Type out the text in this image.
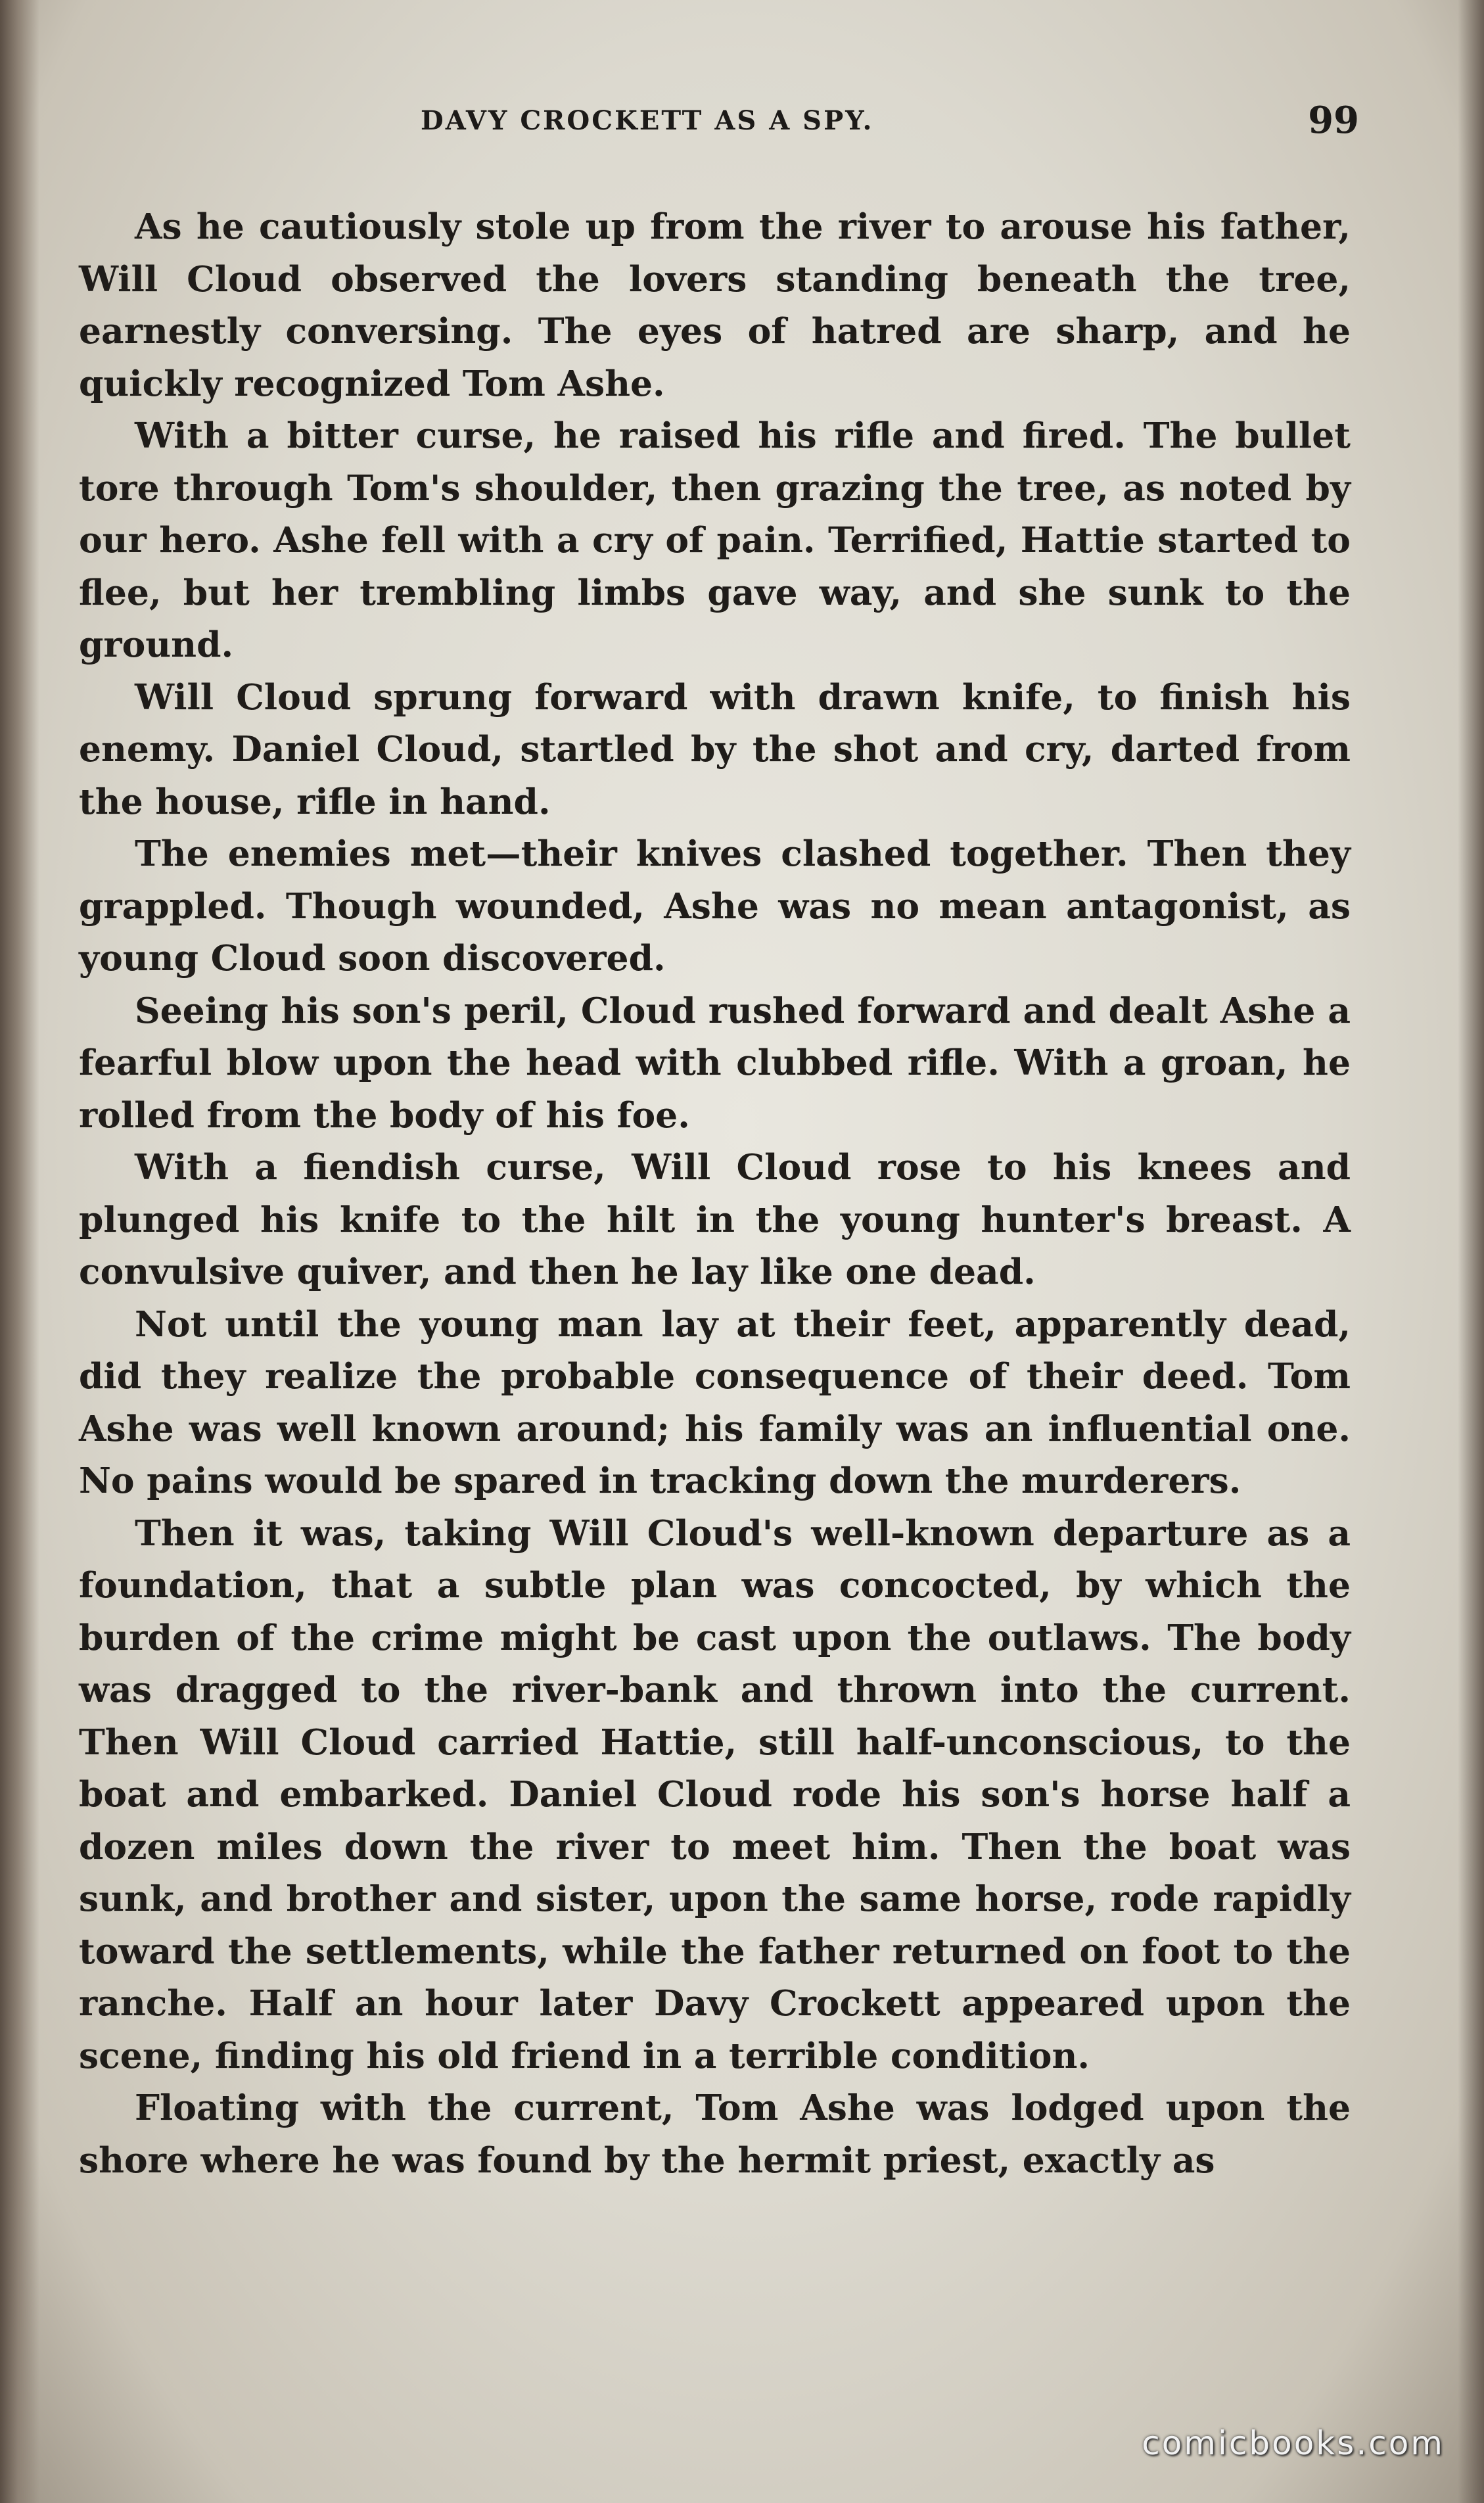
DAVY CROCKETT AS A SPY.	99

As he cautiously stole up from the river to arouse his father, Will Cloud observed the lovers standing beneath the tree, earnestly conversing. The eyes of hatred are sharp, and he quickly recognized Tom Ashe.

With a bitter curse, he raised his rifle and fired. The bullet tore through Tom's shoulder, then grazing the tree, as noted by our hero. Ashe fell with a cry of pain. Terrified, Hattie started to flee, but her trembling limbs gave way, and she sunk to the ground.

Will Cloud sprung forward with drawn knife, to finish his enemy. Daniel Cloud, startled by the shot and cry, darted from the house, rifle in hand.

The enemies met—their knives clashed together. Then they grappled. Though wounded, Ashe was no mean antagonist, as young Cloud soon discovered.

Seeing his son's peril, Cloud rushed forward and dealt Ashe a fearful blow upon the head with clubbed rifle. With a groan, he rolled from the body of his foe.

With a fiendish curse, Will Cloud rose to his knees and plunged his knife to the hilt in the young hunter's breast. A convulsive quiver, and then he lay like one dead.

Not until the young man lay at their feet, apparently dead, did they realize the probable consequence of their deed. Tom Ashe was well known around; his family was an influential one. No pains would be spared in tracking down the murderers.

Then it was, taking Will Cloud's well-known departure as a foundation, that a subtle plan was concocted, by which the burden of the crime might be cast upon the outlaws. The body was dragged to the river-bank and thrown into the current. Then Will Cloud carried Hattie, still half-unconscious, to the boat and embarked. Daniel Cloud rode his son's horse half a dozen miles down the river to meet him. Then the boat was sunk, and brother and sister, upon the same horse, rode rapidly toward the settlements, while the father returned on foot to the ranche. Half an hour later Davy Crockett appeared upon the scene, finding his old friend in a terrible condition.

Floating with the current, Tom Ashe was lodged upon the shore where he was found by the hermit priest, exactly as

comicbooks.com
